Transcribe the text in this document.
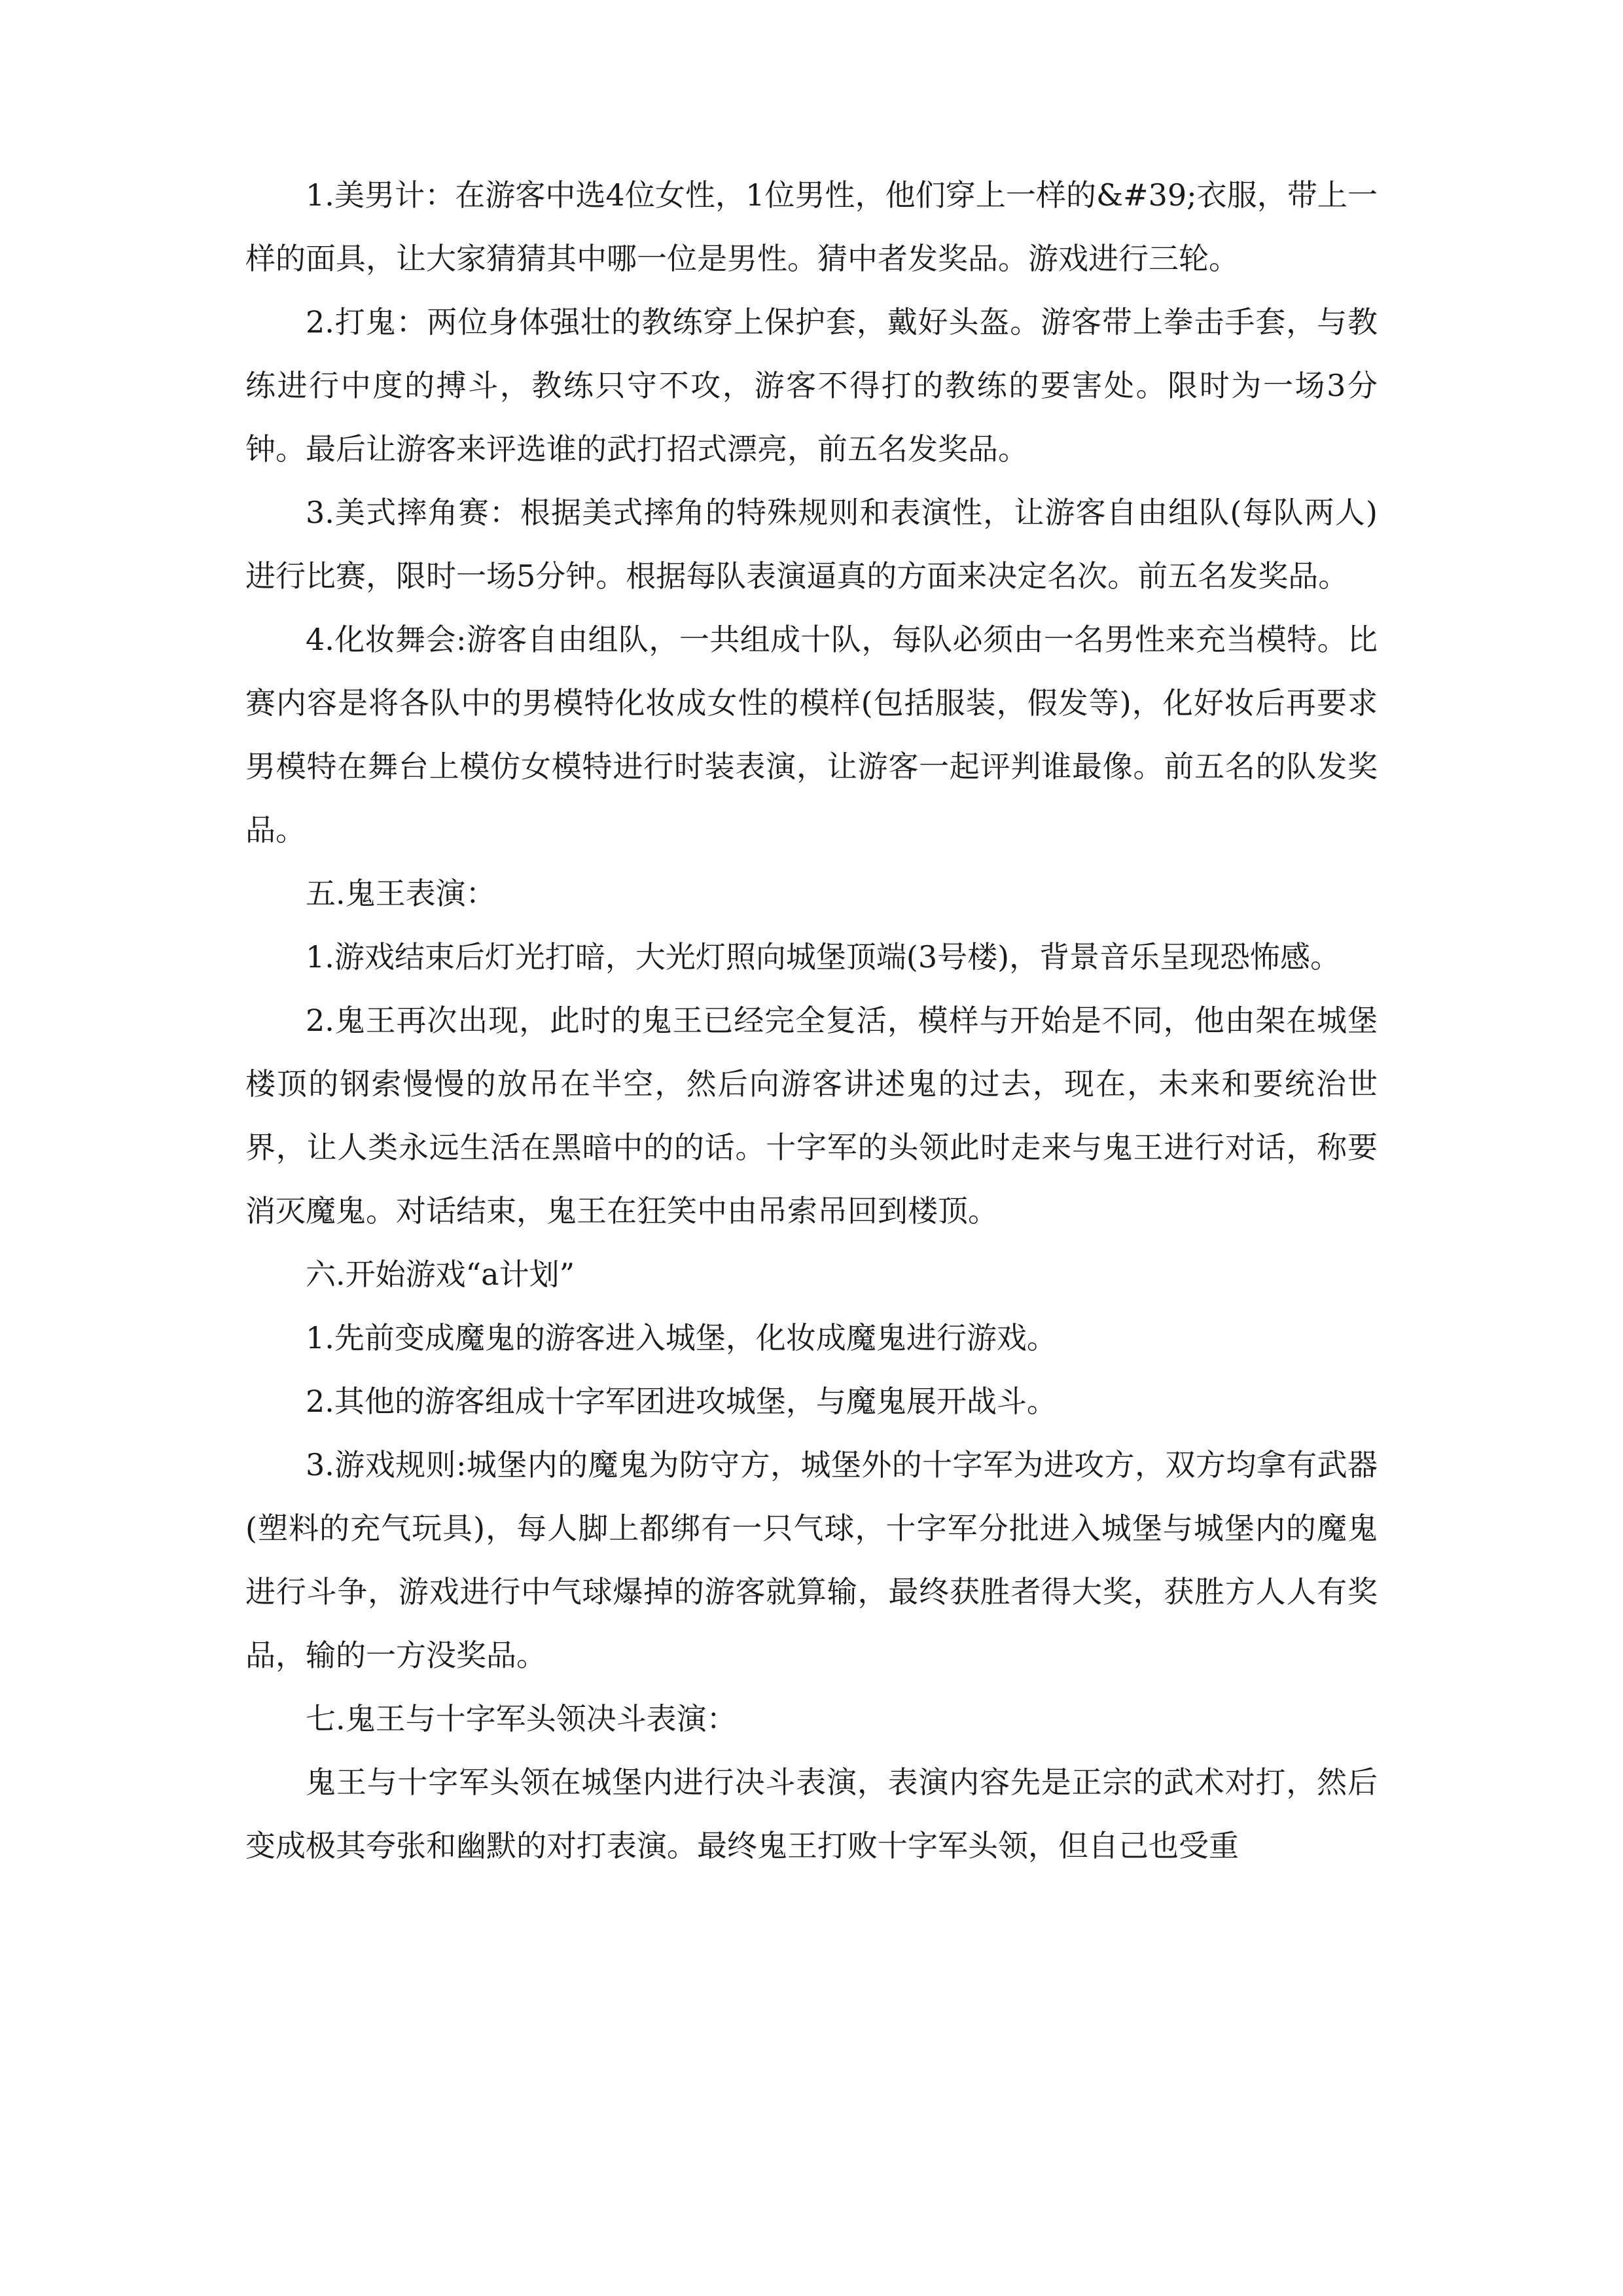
1.美男计：在游客中选4位女性，1位男性，他们穿上一样的&#39;衣服，带上一样的面具，让大家猜猜其中哪一位是男性。猜中者发奖品。游戏进行三轮。

2.打鬼：两位身体强壮的教练穿上保护套，戴好头盔。游客带上拳击手套，与教练进行中度的搏斗，教练只守不攻，游客不得打的教练的要害处。限时为一场3分钟。最后让游客来评选谁的武打招式漂亮，前五名发奖品。

3.美式摔角赛：根据美式摔角的特殊规则和表演性，让游客自由组队(每队两人)进行比赛，限时一场5分钟。根据每队表演逼真的方面来决定名次。前五名发奖品。

4.化妆舞会:游客自由组队，一共组成十队，每队必须由一名男性来充当模特。比赛内容是将各队中的男模特化妆成女性的模样(包括服装，假发等)，化好妆后再要求男模特在舞台上模仿女模特进行时装表演，让游客一起评判谁最像。前五名的队发奖品。

五.鬼王表演：

1.游戏结束后灯光打暗，大光灯照向城堡顶端(3号楼)，背景音乐呈现恐怖感。

2.鬼王再次出现，此时的鬼王已经完全复活，模样与开始是不同，他由架在城堡楼顶的钢索慢慢的放吊在半空，然后向游客讲述鬼的过去，现在，未来和要统治世界，让人类永远生活在黑暗中的的话。十字军的头领此时走来与鬼王进行对话，称要消灭魔鬼。对话结束，鬼王在狂笑中由吊索吊回到楼顶。

六.开始游戏“a计划”

1.先前变成魔鬼的游客进入城堡，化妆成魔鬼进行游戏。

2.其他的游客组成十字军团进攻城堡，与魔鬼展开战斗。

3.游戏规则:城堡内的魔鬼为防守方，城堡外的十字军为进攻方，双方均拿有武器(塑料的充气玩具)，每人脚上都绑有一只气球，十字军分批进入城堡与城堡内的魔鬼进行斗争，游戏进行中气球爆掉的游客就算输，最终获胜者得大奖，获胜方人人有奖品，输的一方没奖品。

七.鬼王与十字军头领决斗表演：

鬼王与十字军头领在城堡内进行决斗表演，表演内容先是正宗的武术对打，然后变成极其夸张和幽默的对打表演。最终鬼王打败十字军头领，但自己也受重
